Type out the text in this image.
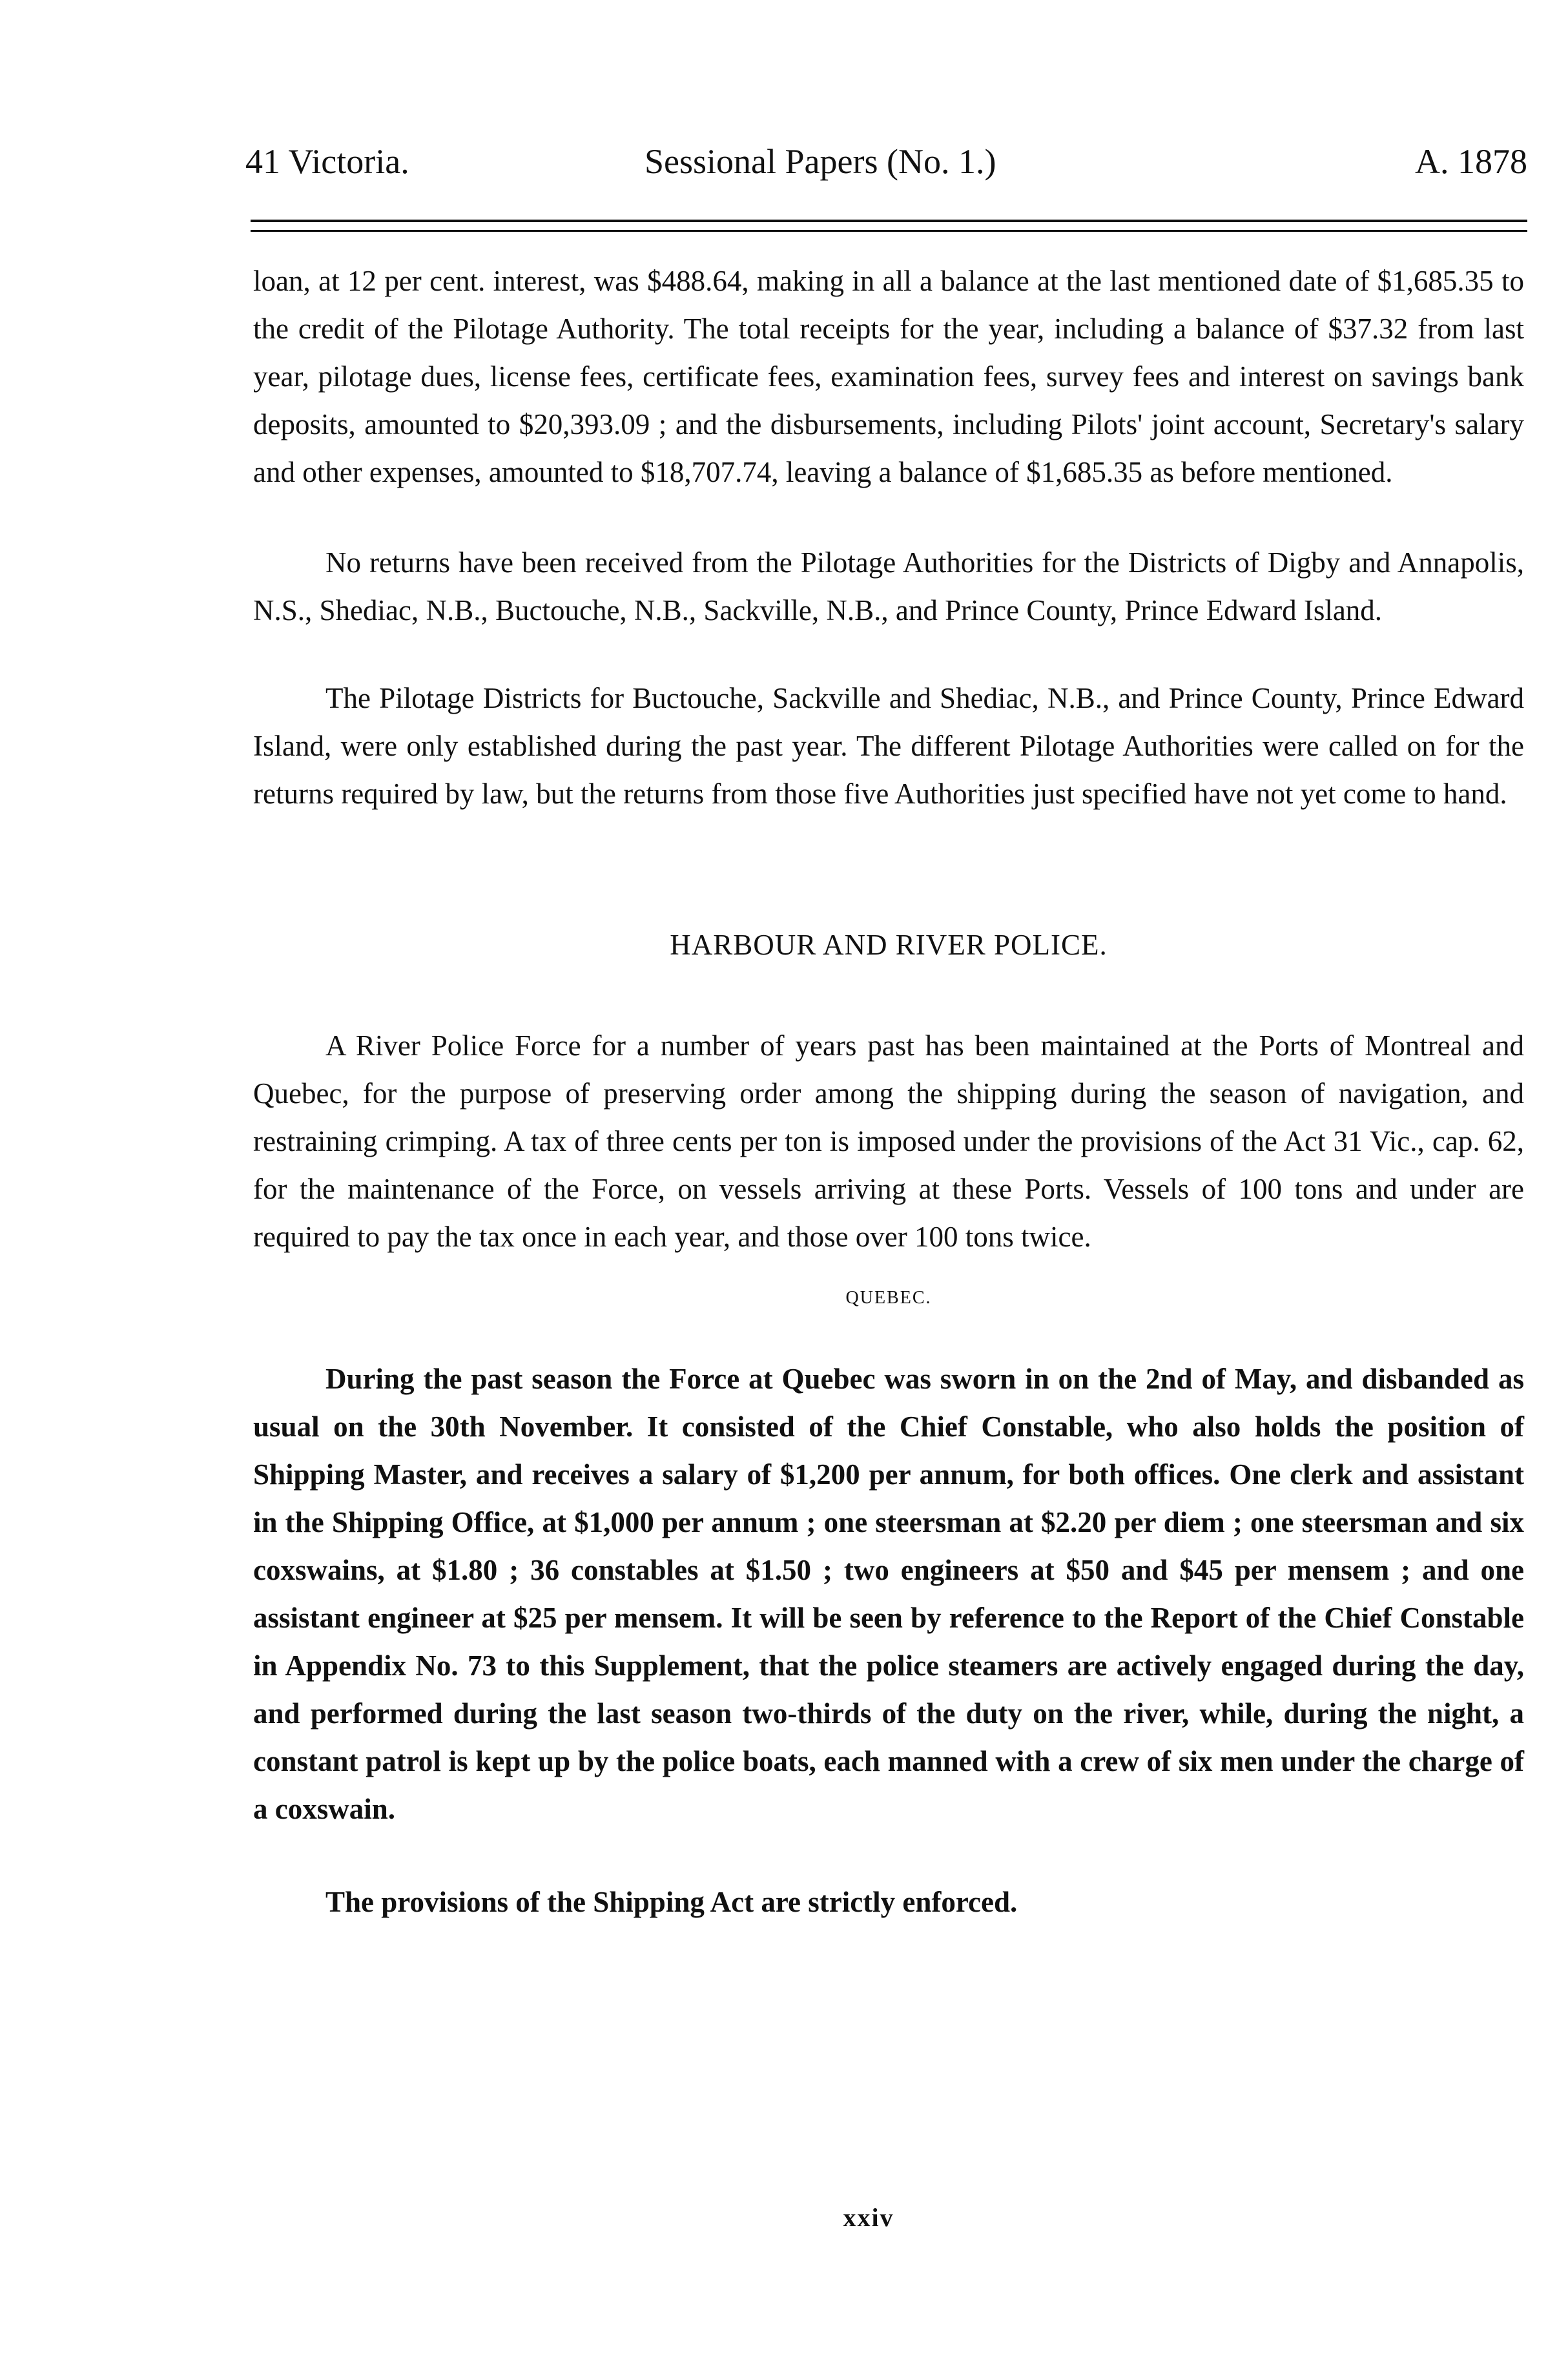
41 Victoria.	Sessional Papers (No. 1.)	A. 1878

loan, at 12 per cent. interest, was $488.64, making in all a balance at the last mentioned date of $1,685.35 to the credit of the Pilotage Authority. The total receipts for the year, including a balance of $37.32 from last year, pilotage dues, license fees, certificate fees, examination fees, survey fees and interest on savings bank deposits, amounted to $20,393.09 ; and the disbursements, including Pilots' joint account, Secretary's salary and other expenses, amounted to $18,707.74, leaving a balance of $1,685.35 as before mentioned.

No returns have been received from the Pilotage Authorities for the Districts of Digby and Annapolis, N.S., Shediac, N.B., Buctouche, N.B., Sackville, N.B., and Prince County, Prince Edward Island.

The Pilotage Districts for Buctouche, Sackville and Shediac, N.B., and Prince County, Prince Edward Island, were only established during the past year. The different Pilotage Authorities were called on for the returns required by law, but the returns from those five Authorities just specified have not yet come to hand.

HARBOUR AND RIVER POLICE.

A River Police Force for a number of years past has been maintained at the Ports of Montreal and Quebec, for the purpose of preserving order among the shipping during the season of navigation, and restraining crimping. A tax of three cents per ton is imposed under the provisions of the Act 31 Vic., cap. 62, for the maintenance of the Force, on vessels arriving at these Ports. Vessels of 100 tons and under are required to pay the tax once in each year, and those over 100 tons twice.

QUEBEC.

During the past season the Force at Quebec was sworn in on the 2nd of May, and disbanded as usual on the 30th November. It consisted of the Chief Constable, who also holds the position of Shipping Master, and receives a salary of $1,200 per annum, for both offices. One clerk and assistant in the Shipping Office, at $1,000 per annum ; one steersman at $2.20 per diem ; one steersman and six coxswains, at $1.80 ; 36 constables at $1.50 ; two engineers at $50 and $45 per mensem ; and one assistant engineer at $25 per mensem. It will be seen by reference to the Report of the Chief Constable in Appendix No. 73 to this Supplement, that the police steamers are actively engaged during the day, and performed during the last season two-thirds of the duty on the river, while, during the night, a constant patrol is kept up by the police boats, each manned with a crew of six men under the charge of a coxswain.

The provisions of the Shipping Act are strictly enforced.

xxiv
